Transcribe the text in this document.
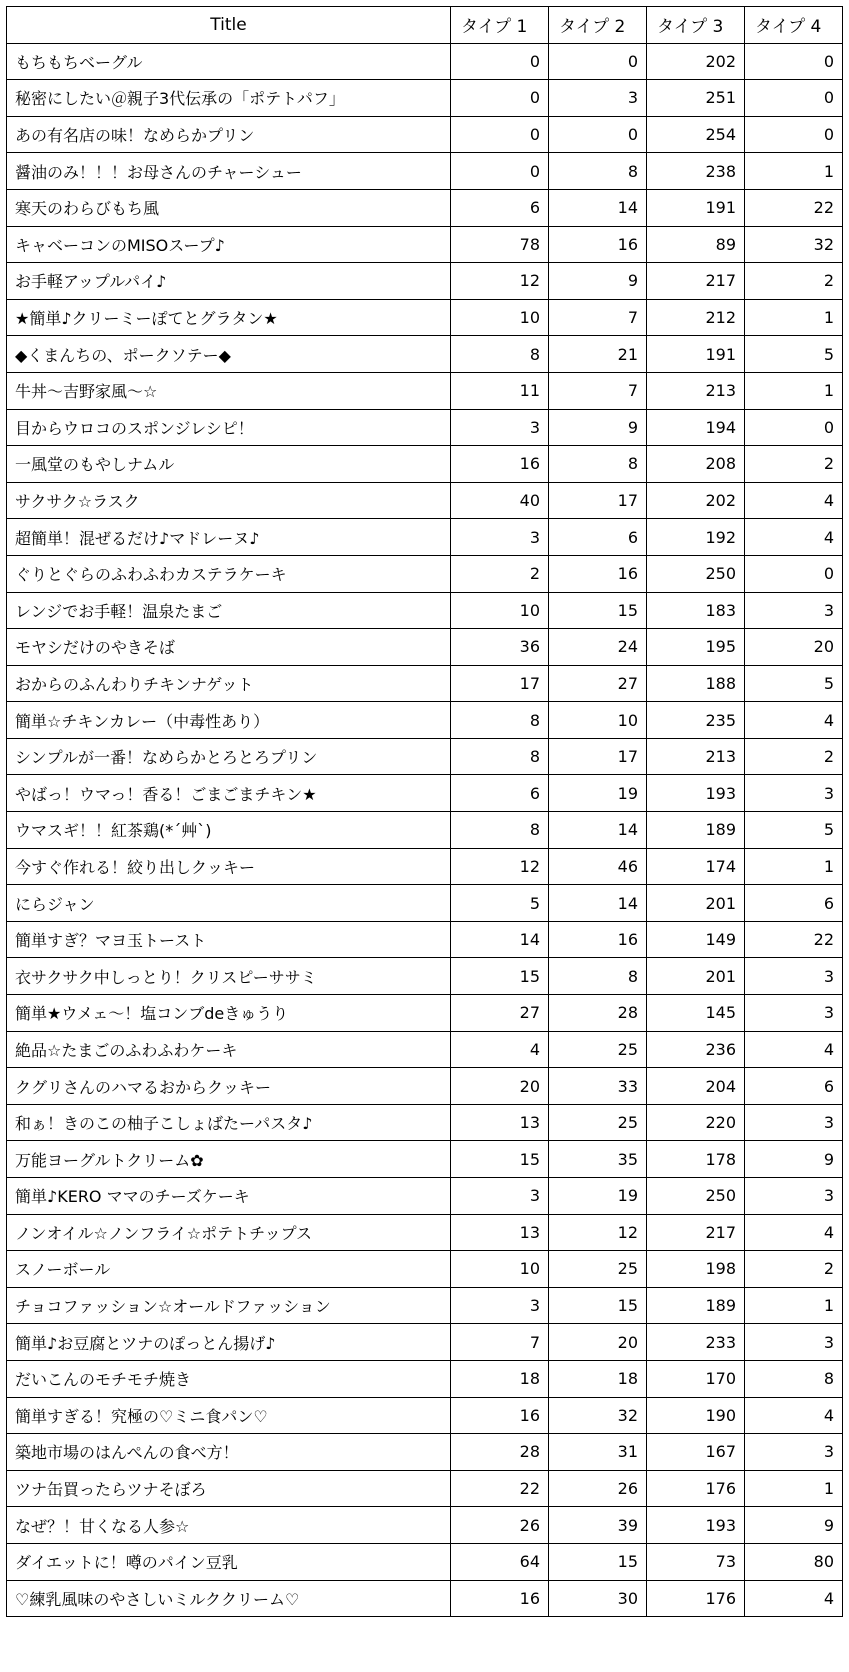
Title	タイプ 1	タイプ 2	タイプ 3	タイプ 4
もちもちベーグル	0	0	202	0
秘密にしたい＠親子3代伝承の「ポテトパフ」	0	3	251	0
あの有名店の味！なめらかプリン	0	0	254	0
醤油のみ！！！お母さんのチャーシュー	0	8	238	1
寒天のわらびもち風	6	14	191	22
キャベーコンのMISOスープ♪	78	16	89	32
お手軽アップルパイ♪	12	9	217	2
★簡単♪クリーミーぽてとグラタン★	10	7	212	1
◆くまんちの、ポークソテー◆	8	21	191	5
牛丼～吉野家風～☆	11	7	213	1
目からウロコのスポンジレシピ！	3	9	194	0
一風堂のもやしナムル	16	8	208	2
サクサク☆ラスク	40	17	202	4
超簡単！混ぜるだけ♪マドレーヌ♪	3	6	192	4
ぐりとぐらのふわふわカステラケーキ	2	16	250	0
レンジでお手軽！温泉たまご	10	15	183	3
モヤシだけのやきそば	36	24	195	20
おからのふんわりチキンナゲット	17	27	188	5
簡単☆チキンカレー（中毒性あり）	8	10	235	4
シンプルが一番！なめらかとろとろプリン	8	17	213	2
やばっ！ウマっ！香る！ごまごまチキン★	6	19	193	3
ウマスギ！！紅茶鶏(*´艸`)	8	14	189	5
今すぐ作れる！絞り出しクッキー	12	46	174	1
にらジャン	5	14	201	6
簡単すぎ？マヨ玉トースト	14	16	149	22
衣サクサク中しっとり！クリスピーササミ	15	8	201	3
簡単★ウメェ～！塩コンブdeきゅうり	27	28	145	3
絶品☆たまごのふわふわケーキ	4	25	236	4
クグリさんのハマるおからクッキー	20	33	204	6
和ぁ！きのこの柚子こしょばたーパスタ♪	13	25	220	3
万能ヨーグルトクリーム✿	15	35	178	9
簡単♪KERO ママのチーズケーキ	3	19	250	3
ノンオイル☆ノンフライ☆ポテトチップス	13	12	217	4
スノーボール	10	25	198	2
チョコファッション☆オールドファッション	3	15	189	1
簡単♪お豆腐とツナのぽっとん揚げ♪	7	20	233	3
だいこんのモチモチ焼き	18	18	170	8
簡単すぎる！究極の♡ミニ食パン♡	16	32	190	4
築地市場のはんぺんの食べ方！	28	31	167	3
ツナ缶買ったらツナそぼろ	22	26	176	1
なぜ？！甘くなる人参☆	26	39	193	9
ダイエットに！噂のパイン豆乳	64	15	73	80
♡練乳風味のやさしいミルククリーム♡	16	30	176	4
